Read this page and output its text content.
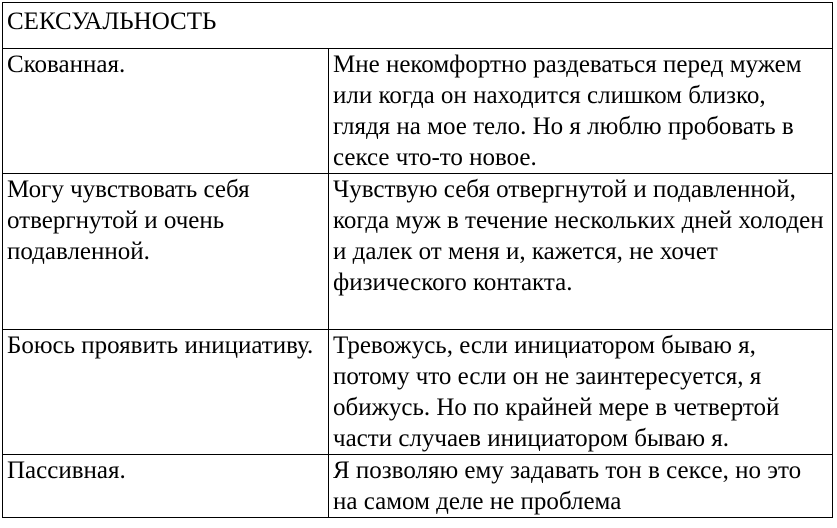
СЕКСУАЛЬНОСТЬ	

Скованная.	Мне некомфортно раздеваться перед мужем или когда он находится слишком близко, глядя на мое тело. Но я люблю пробовать в сексе что-то новое.

Могу чувствовать себя отвергнутой и очень подавленной.	Чувствую себя отвергнутой и подавленной, когда муж в течение нескольких дней холоден и далек от меня и, кажется, не хочет физического контакта.

Боюсь проявить инициативу.	Тревожусь, если инициатором бываю я, потому что если он не заинтересуется, я обижусь. Но по крайней мере в четвертой части случаев инициатором бываю я.

Пассивная.	Я позволяю ему задавать тон в сексе, но это на самом деле не проблема
